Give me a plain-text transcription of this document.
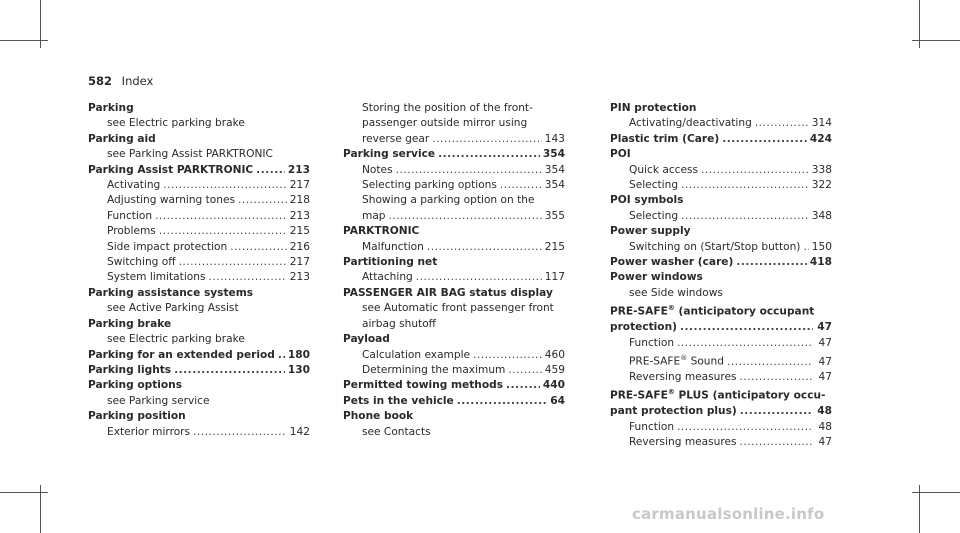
582 Index
Parking
see Electric parking brake
Parking aid
see Parking Assist PARKTRONIC
Parking Assist PARKTRONIC .....	213
Activating .....	217
Adjusting warning tones .....	218
Function .....	213
Problems .....	215
Side impact protection .....	216
Switching off .....	217
System limitations .....	213
Parking assistance systems
see Active Parking Assist
Parking brake
see Electric parking brake
Parking for an extended period ..... 180
Parking lights .....	130
Parking options
see Parking service
Parking position
Exterior mirrors .....	142
Storing the position of the front-
passenger outside mirror using
reverse gear .....	143
Parking service .....	354
Notes .....	354
Selecting parking options .....	354
Showing a parking option on the
map .....	355
PARKTRONIC
Malfunction .....	215
Partitioning net
Attaching .....	117
PASSENGER AIR BAG status display
see Automatic front passenger front
airbag shutoff
Payload
Calculation example .....	460
Determining the maximum .....	459
Permitted towing methods .....	440
Pets in the vehicle .....	64
Phone book
see Contacts
PIN protection
Activating/deactivating .....	314
Plastic trim (Care) .....	424
POI
Quick access .....	338
Selecting .....	322
POI symbols
Selecting .....	348
Power supply
Switching on (Start/Stop button) ..... 150
Power washer (care) .....	418
Power windows
see Side windows
PRE-SAFE® (anticipatory occupant
protection) .....	47
Function .....	47
PRE-SAFE® Sound .....	47
Reversing measures .....	47
PRE-SAFE® PLUS (anticipatory occu-
pant protection plus) .....	48
Function .....	48
Reversing measures .....	47
carmanualsonline.info
